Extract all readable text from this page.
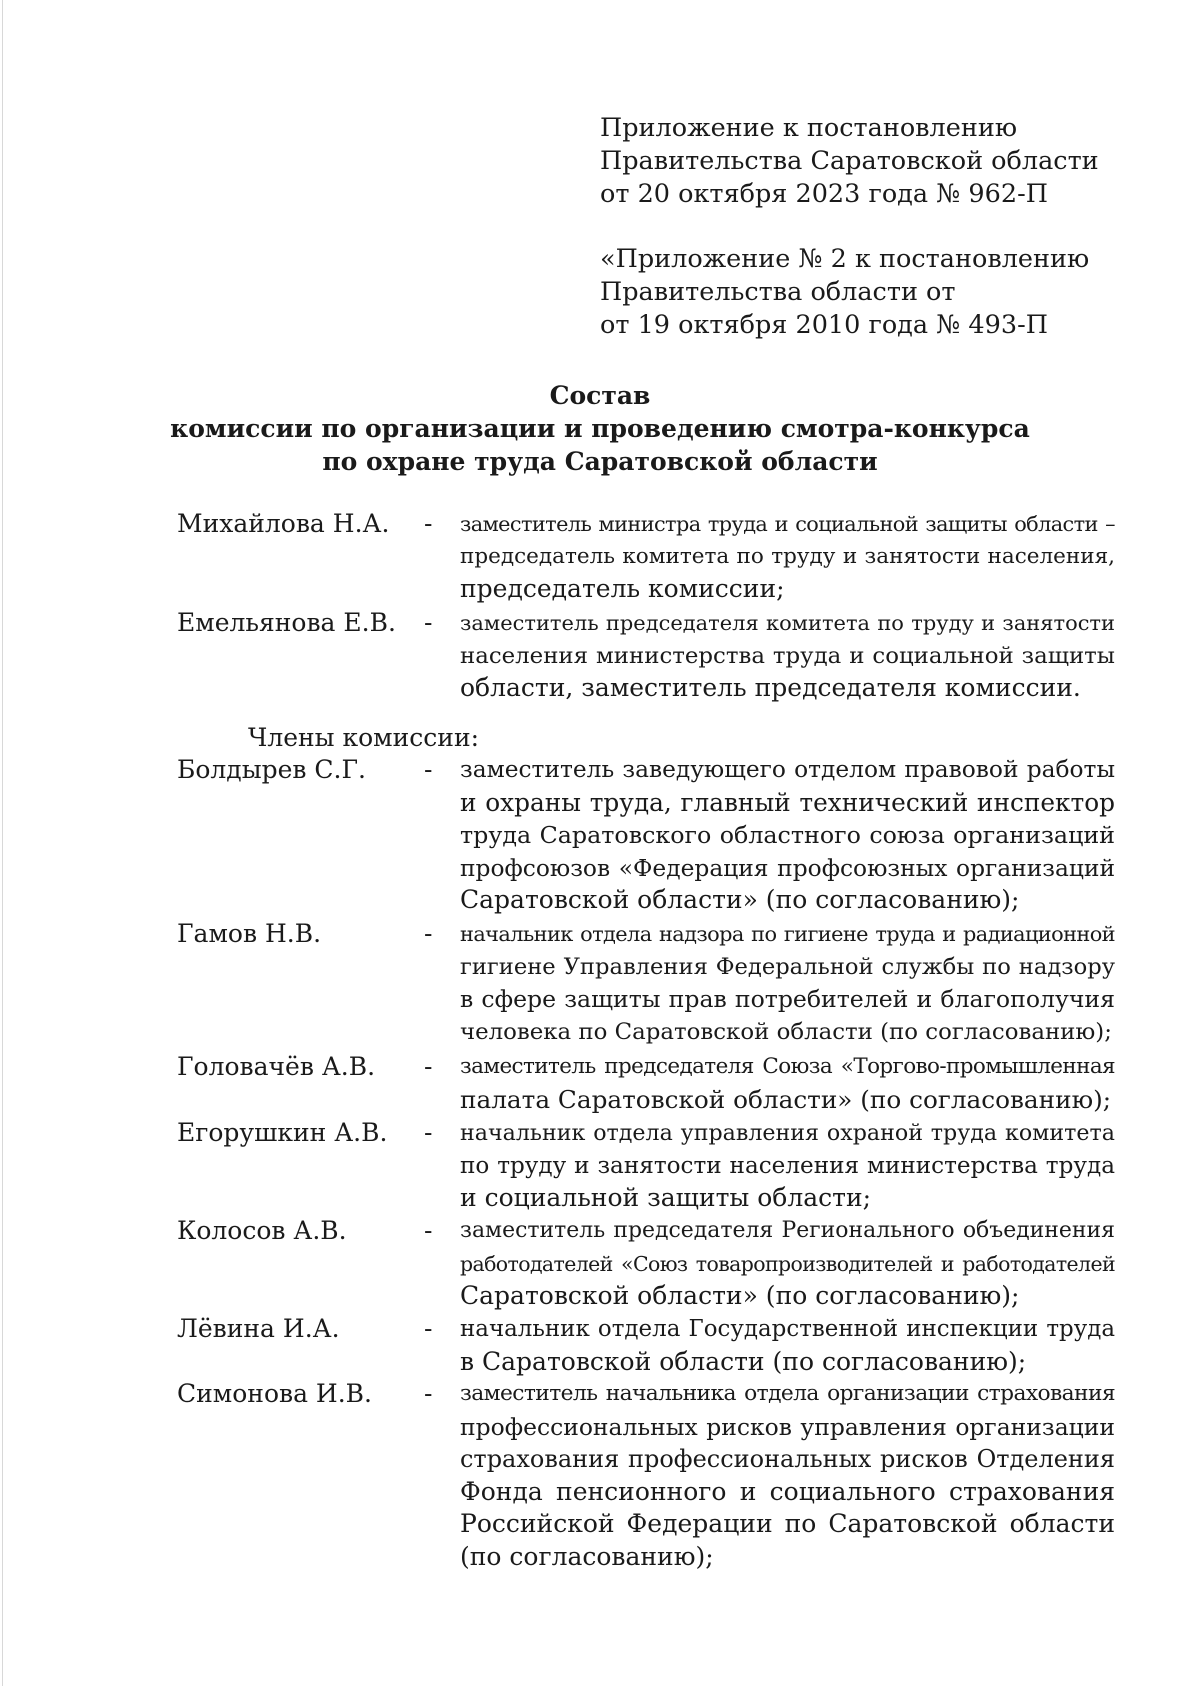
Приложение к постановлению
Правительства Саратовской области
от 20 октября 2023 года № 962-П
«Приложение № 2 к постановлению
Правительства области от
от 19 октября 2010 года № 493-П
Состав
комиссии по организации и проведению смотра-конкурса
по охране труда Саратовской области
Михайлова Н.А. - заместитель министра труда и социальной защиты области –
председатель комитета по труду и занятости населения,
председатель комиссии;
Емельянова Е.В. - заместитель председателя комитета по труду и занятости
населения министерства труда и социальной защиты
области, заместитель председателя комиссии.
Члены комиссии:
Болдырев С.Г. - заместитель заведующего отделом правовой работы
и охраны труда, главный технический инспектор
труда Саратовского областного союза организаций
профсоюзов «Федерация профсоюзных организаций
Саратовской области» (по согласованию);
Гамов Н.В.	- начальник отдела надзора по гигиене труда и радиационной
гигиене Управления Федеральной службы по надзору
в сфере защиты прав потребителей и благополучия
человека по Саратовской области (по согласованию);
Головачёв А.В. - заместитель председателя Союза «Торгово-промышленная
палата Саратовской области» (по согласованию);
Егорушкин А.В. - начальник отдела управления охраной труда комитета
по труду и занятости населения министерства труда
и социальной защиты области;
Колосов А.В.	- заместитель председателя Регионального объединения
работодателей «Союз товаропроизводителей и работодателей
Саратовской области» (по согласованию);
Лёвина И.А.	- начальник отдела Государственной инспекции труда
в Саратовской области (по согласованию);
Симонова И.В. - заместитель начальника отдела организации страхования
профессиональных рисков управления организации
страхования профессиональных рисков Отделения
Фонда пенсионного и социального страхования
Российской Федерации по Саратовской области
(по согласованию);
